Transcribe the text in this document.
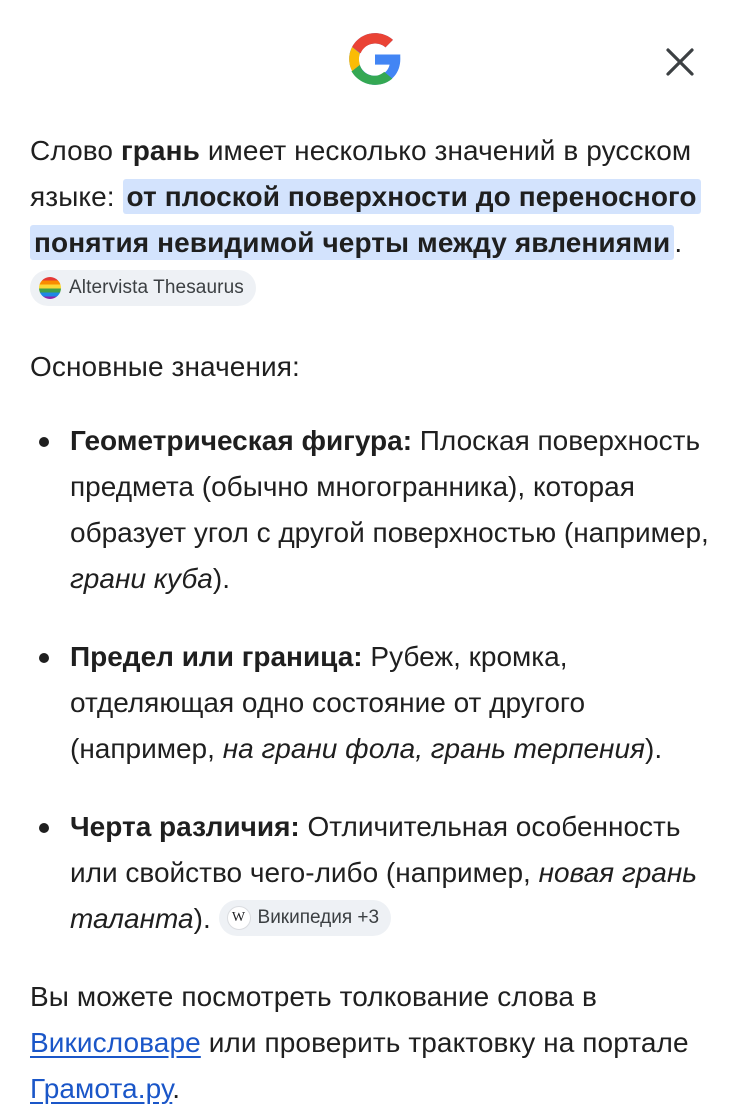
Слово грань имеет несколько значений в русском языке: от плоской поверхности до переносного понятия невидимой черты между явлениями .
Altervista Thesaurus

Основные значения:

Геометрическая фигура: Плоская поверхность предмета (обычно многогранника), которая образует угол с другой поверхностью (например, грани куба).
Предел или граница: Рубеж, кромка, отделяющая одно состояние от другого (например, на грани фола, грань терпения).
Черта различия: Отличительная особенность или свойство чего-либо (например, новая грань таланта).	W Википедия +3

Вы можете посмотреть толкование слова в Викисловаре или проверить трактовку на портале Грамота.ру.
